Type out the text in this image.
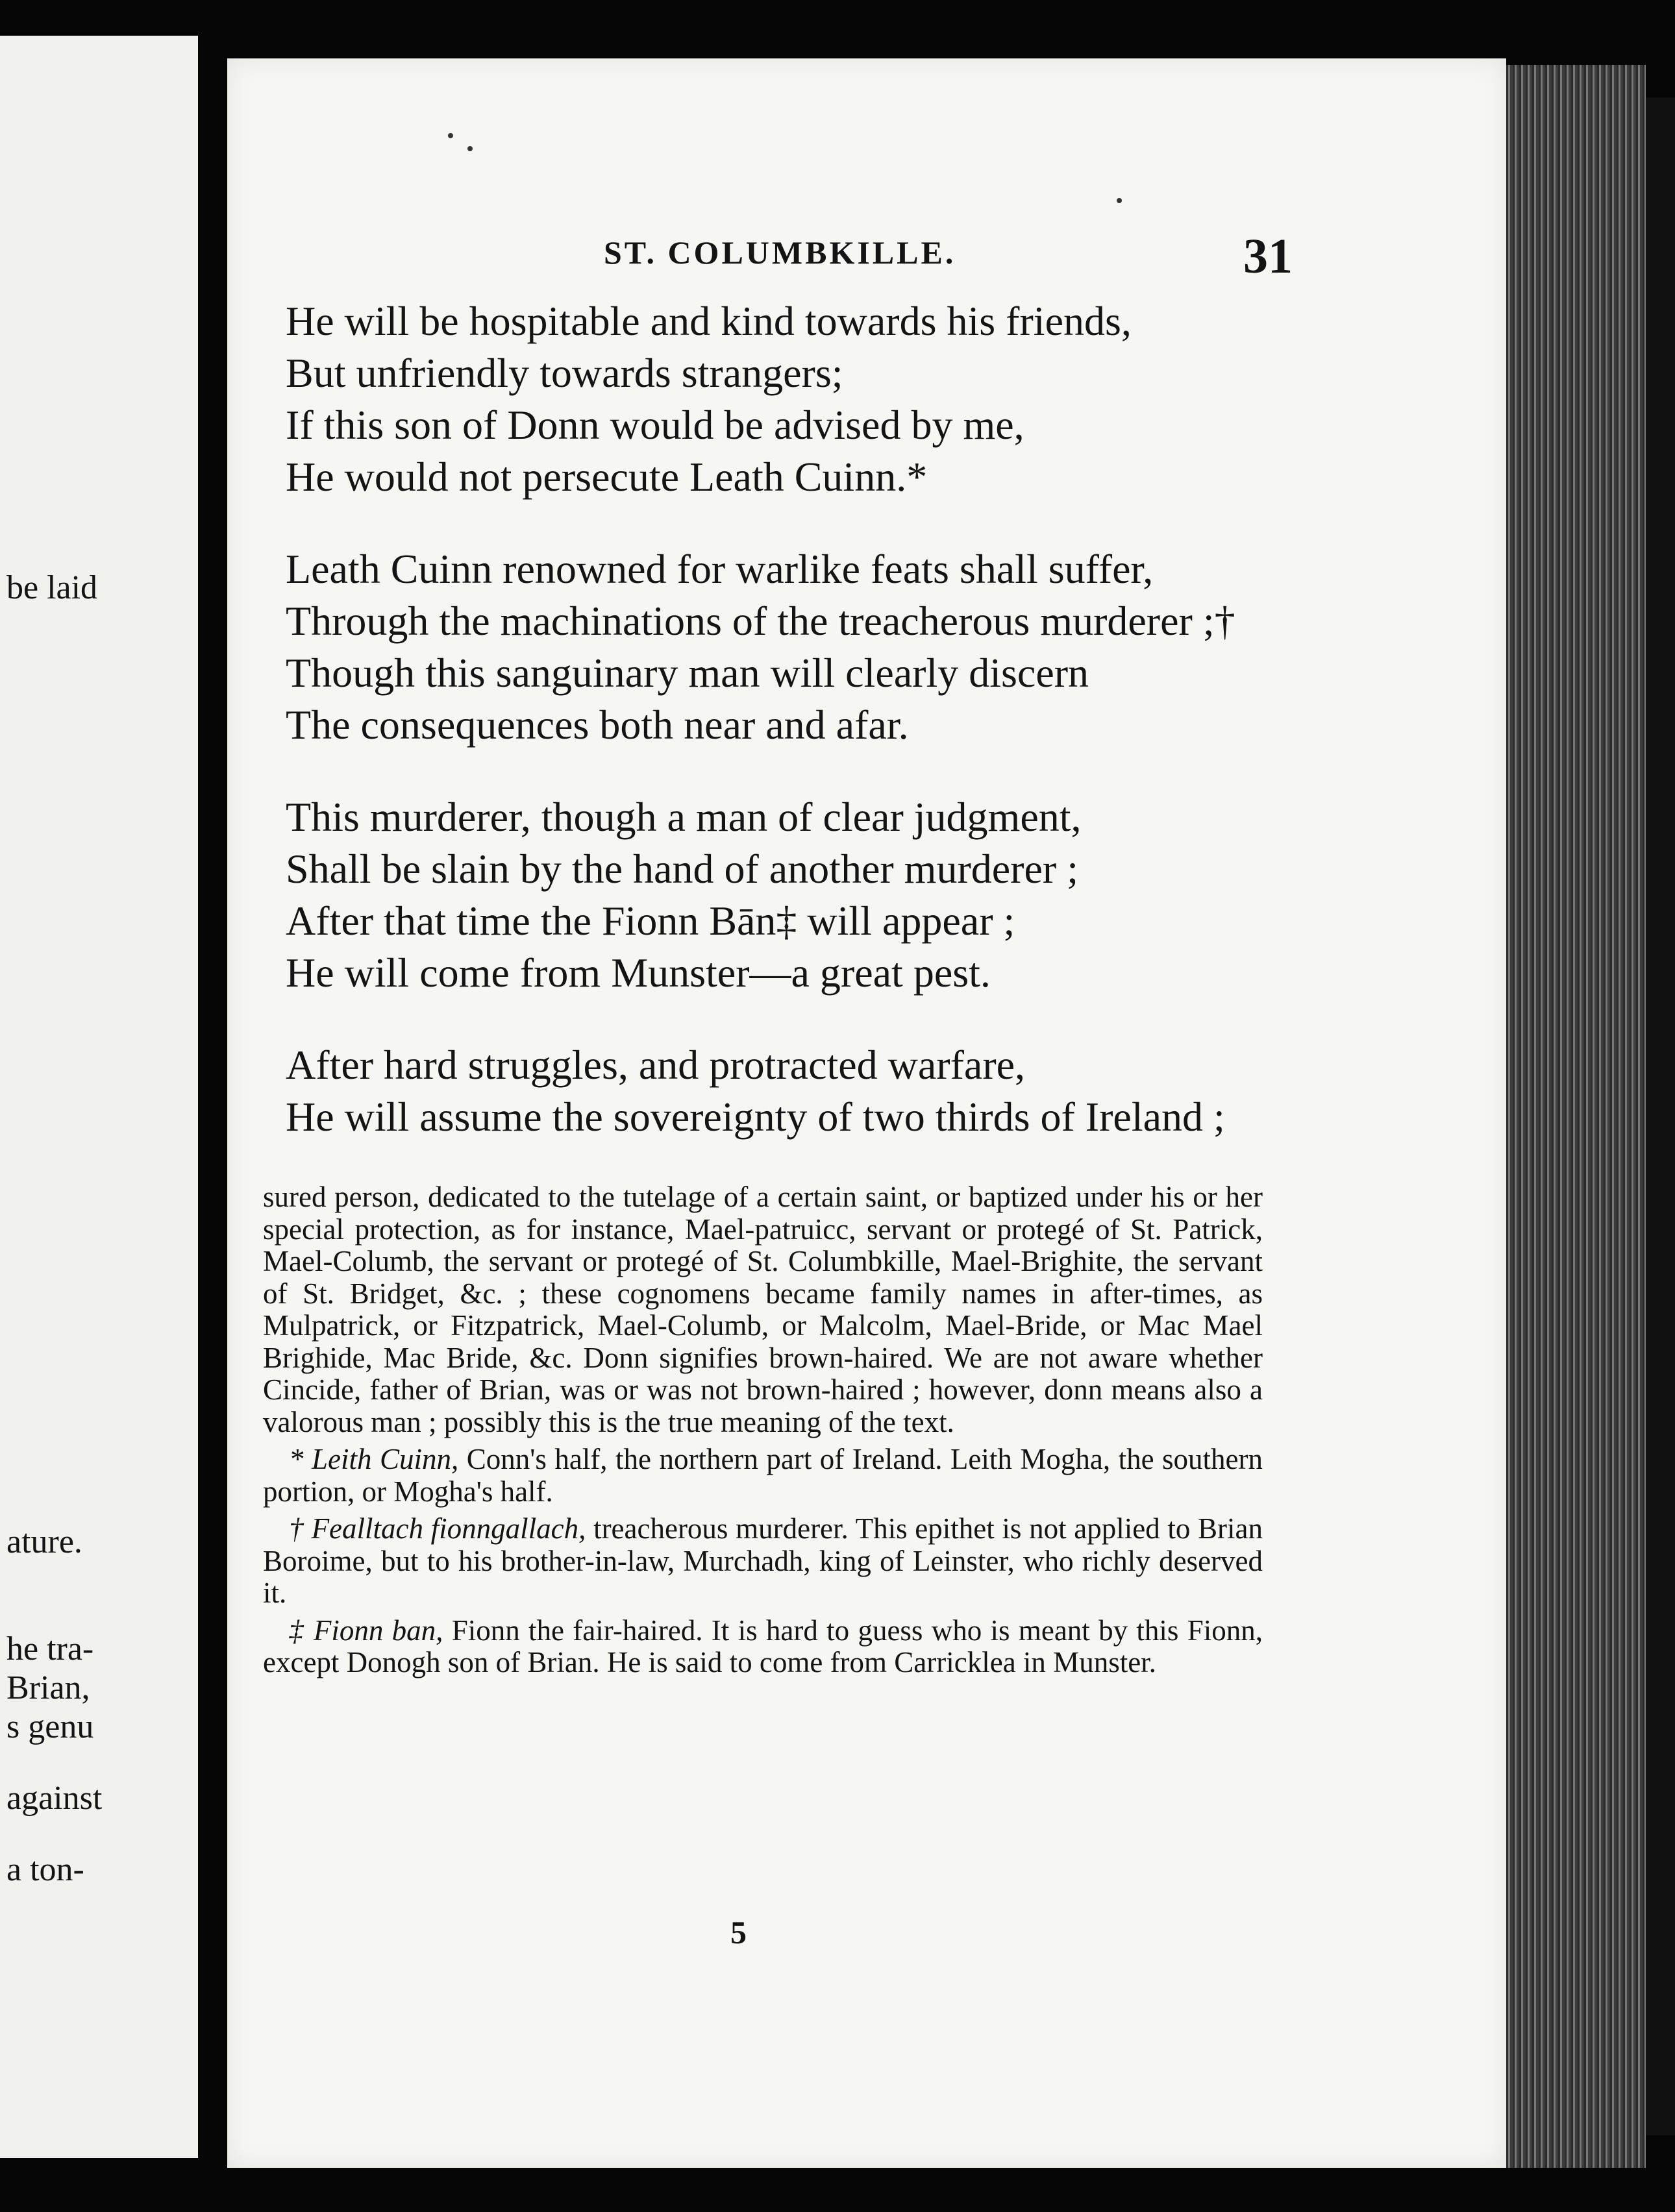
be laid
ature.
he tra-
Brian,
s genu
against
a ton-
ST. COLUMBKILLE.	31
He will be hospitable and kind towards his friends,
But unfriendly towards strangers;
If this son of Donn would be advised by me,
He would not persecute Leath Cuinn.*
Leath Cuinn renowned for warlike feats shall suffer,
Through the machinations of the treacherous murderer ;†
Though this sanguinary man will clearly discern
The consequences both near and afar.
This murderer, though a man of clear judgment,
Shall be slain by the hand of another murderer ;
After that time the Fionn Bān‡ will appear ;
He will come from Munster—a great pest.
After hard struggles, and protracted warfare,
He will assume the sovereignty of two thirds of Ireland ;

sured person, dedicated to the tutelage of a certain saint, or baptized under his or her special protection, as for instance, Mael-patruicc, servant or protegé of St. Patrick, Mael-Columb, the servant or protegé of St. Columbkille, Mael-Brighite, the servant of St. Bridget, &c. ; these cognomens became family names in after-times, as Mulpatrick, or Fitzpatrick, Mael-Columb, or Malcolm, Mael-Bride, or Mac Mael Brighide, Mac Bride, &c. Donn signifies brown-haired. We are not aware whether Cincide, father of Brian, was or was not brown-haired ; however, donn means also a valorous man ; possibly this is the true meaning of the text.

* Leith Cuinn, Conn's half, the northern part of Ireland. Leith Mogha, the southern portion, or Mogha's half.

† Fealltach fionngallach, treacherous murderer. This epithet is not applied to Brian Boroime, but to his brother-in-law, Murchadh, king of Leinster, who richly deserved it.

‡ Fionn ban, Fionn the fair-haired. It is hard to guess who is meant by this Fionn, except Donogh son of Brian. He is said to come from Carricklea in Munster.

5
